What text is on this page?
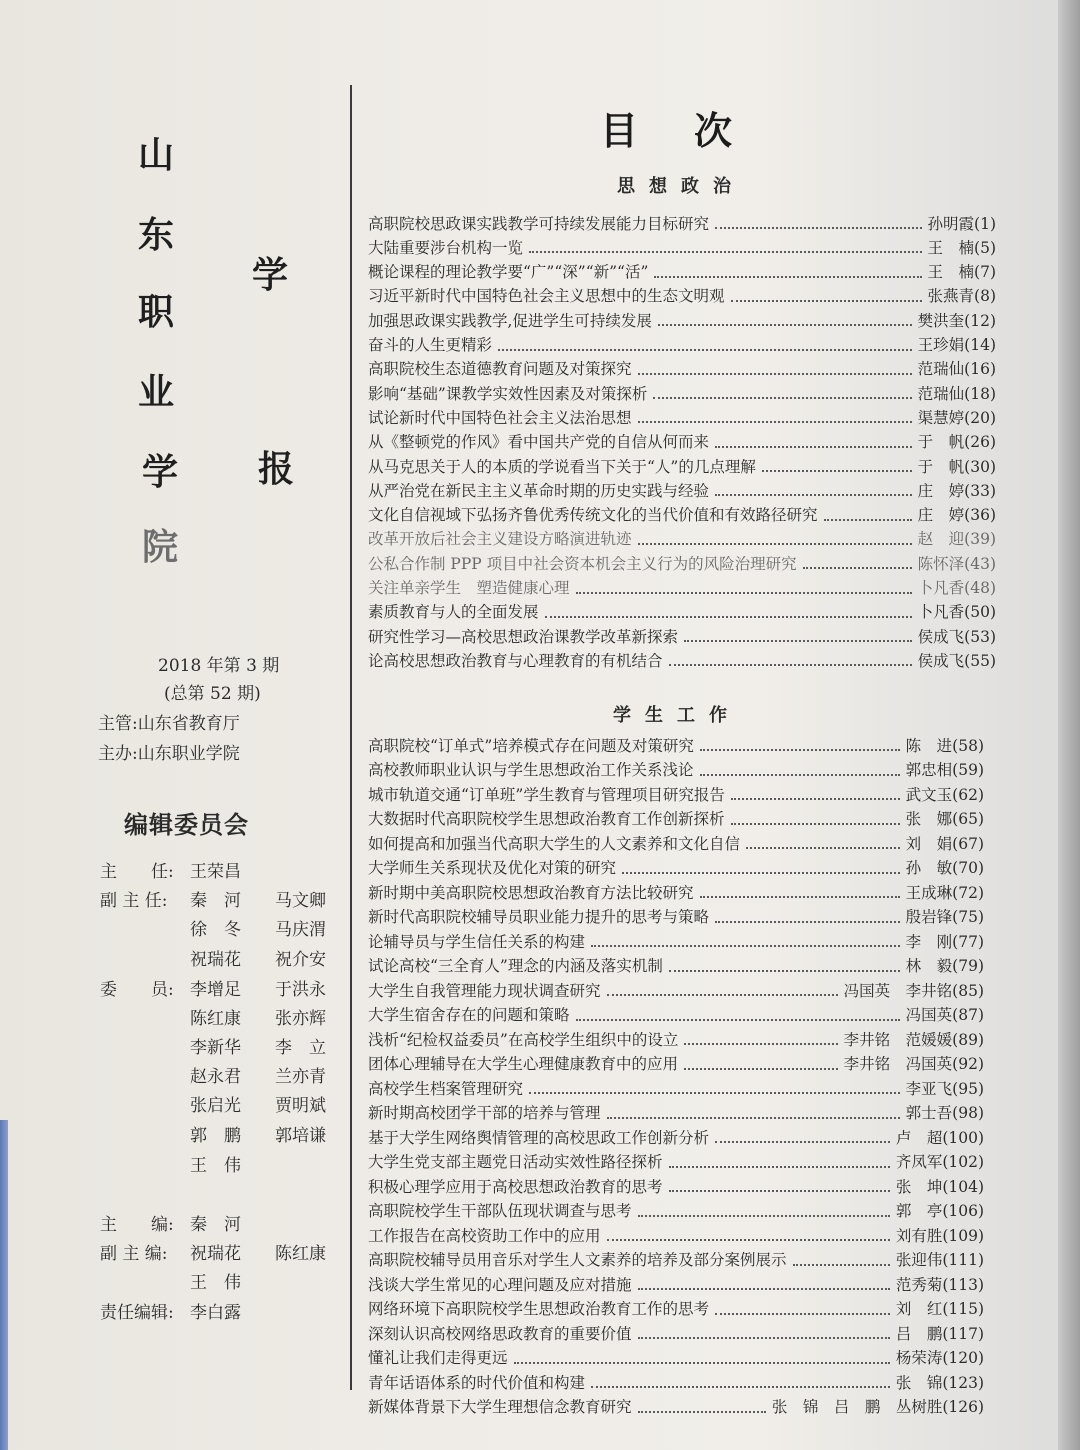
山
东
职
业
学
院
学
报
2018 年第 3 期
(总第 52 期)
主管:山东省教育厅
主办:山东职业学院
编辑委员会
主　　任: 王荣昌
副 主 任: 秦　河　　马文卿
徐　冬　　马庆渭
祝瑞花　　祝介安
委　　员: 李增足　　于洪永
陈红康　　张亦辉
李新华　　李　立
赵永君　　兰亦青
张启光　　贾明斌
郭　鹏　　郭培谦
王　伟
主　　编: 秦　河
副 主 编: 祝瑞花　　陈红康
王　伟
责任编辑: 李白露
目次
思想政治
学生工作
高职院校思政课实践教学可持续发展能力目标研究	孙明霞(1)
大陆重要涉台机构一览	王　楠(5)
概论课程的理论教学要“广”“深”“新”“活”	王　楠(7)
习近平新时代中国特色社会主义思想中的生态文明观	张燕青(8)
加强思政课实践教学,促进学生可持续发展	樊洪奎(12)
奋斗的人生更精彩	王珍娟(14)
高职院校生态道德教育问题及对策探究	范瑞仙(16)
影响“基础”课教学实效性因素及对策探析	范瑞仙(18)
试论新时代中国特色社会主义法治思想	渠慧婷(20)
从《整顿党的作风》看中国共产党的自信从何而来	于　帆(26)
从马克思关于人的本质的学说看当下关于“人”的几点理解	于　帆(30)
从严治党在新民主主义革命时期的历史实践与经验	庄　婷(33)
文化自信视域下弘扬齐鲁优秀传统文化的当代价值和有效路径研究	庄　婷(36)
改革开放后社会主义建设方略演进轨迹	赵　迎(39)
公私合作制 PPP 项目中社会资本机会主义行为的风险治理研究	陈怀泽(43)
关注单亲学生　塑造健康心理	卜凡香(48)
素质教育与人的全面发展	卜凡香(50)
研究性学习—高校思想政治课教学改革新探索	侯成飞(53)
论高校思想政治教育与心理教育的有机结合	侯成飞(55)
高职院校“订单式”培养模式存在问题及对策研究	陈　进(58)
高校教师职业认识与学生思想政治工作关系浅论	郭忠相(59)
城市轨道交通“订单班”学生教育与管理项目研究报告	武文玉(62)
大数据时代高职院校学生思想政治教育工作创新探析	张　娜(65)
如何提高和加强当代高职大学生的人文素养和文化自信	刘　娟(67)
大学师生关系现状及优化对策的研究	孙　敏(70)
新时期中美高职院校思想政治教育方法比较研究	王成琳(72)
新时代高职院校辅导员职业能力提升的思考与策略	殷岩锋(75)
论辅导员与学生信任关系的构建	李　刚(77)
试论高校“三全育人”理念的内涵及落实机制	林　毅(79)
大学生自我管理能力现状调查研究	冯国英　李井铭(85)
大学生宿舍存在的问题和策略	冯国英(87)
浅析“纪检权益委员”在高校学生组织中的设立	李井铭　范媛媛(89)
团体心理辅导在大学生心理健康教育中的应用	李井铭　冯国英(92)
高校学生档案管理研究	李亚飞(95)
新时期高校团学干部的培养与管理	郭士吾(98)
基于大学生网络舆情管理的高校思政工作创新分析	卢　超(100)
大学生党支部主题党日活动实效性路径探析	齐凤军(102)
积极心理学应用于高校思想政治教育的思考	张　坤(104)
高职院校学生干部队伍现状调查与思考	郭　亭(106)
工作报告在高校资助工作中的应用	刘有胜(109)
高职院校辅导员用音乐对学生人文素养的培养及部分案例展示	张迎伟(111)
浅谈大学生常见的心理问题及应对措施	范秀菊(113)
网络环境下高职院校学生思想政治教育工作的思考	刘　红(115)
深刻认识高校网络思政教育的重要价值	吕　鹏(117)
懂礼让我们走得更远	杨荣涛(120)
青年话语体系的时代价值和构建	张　锦(123)
新媒体背景下大学生理想信念教育研究	张　锦　吕　鹏　丛树胜(126)
